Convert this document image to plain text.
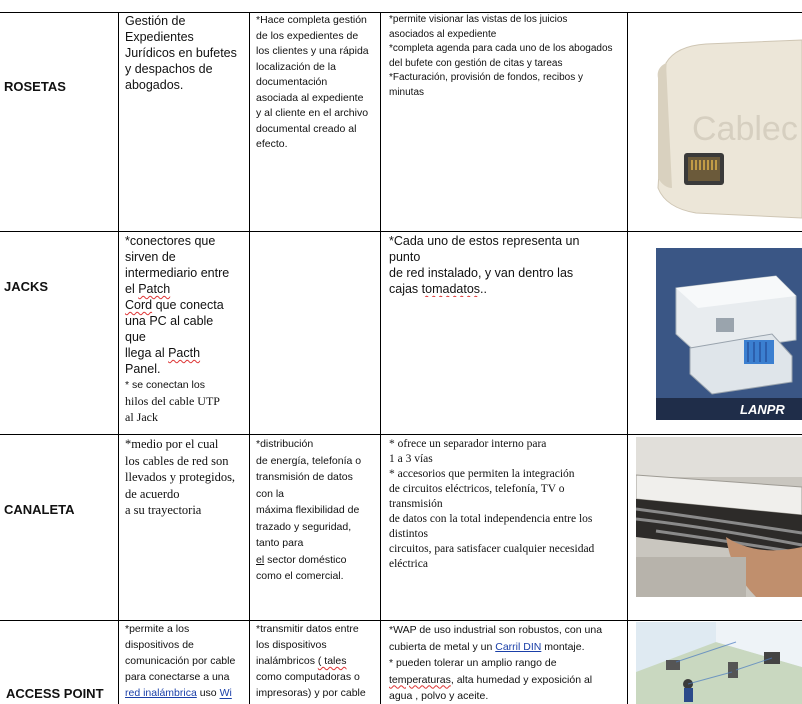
ROSETAS

Gestión de

Expedientes

Jurídicos en bufetes

y despachos de

abogados.

*Hace completa gestión

de los expedientes de

los clientes y una rápida

localización de la

documentación

asociada al expediente

y al cliente en el archivo

documental creado al

efecto.

*permite visionar las vistas de los juicios

asociados al expediente

*completa agenda para cada uno de los abogados

del bufete con gestión de citas y tareas

*Facturación, provisión de fondos, recibos y

minutas

Cablec
JACKS

*conectores que

sirven de

intermediario entre

el Patch

Cord que conecta

una PC al cable

que

llega al Pacth

Panel.

* se conectan los

hilos del cable UTP

al Jack

*Cada uno de estos representa un

punto

de red instalado, y van dentro las

cajas tomadatos..

LANPR
CANALETA

*medio por el cual

los cables de red son

llevados y protegidos,

de acuerdo

a su trayectoria

*distribución

de energía, telefonía o

transmisión de datos

con la

máxima flexibilidad de

trazado y seguridad,

tanto para

el sector doméstico

como el comercial.

* ofrece un separador interno para

1 a 3 vías

* accesorios que permiten la integración

de circuitos eléctricos, telefonía, TV o

transmisión

de datos con la total independencia entre los

distintos

circuitos, para satisfacer cualquier necesidad

eléctrica

ACCESS POINT

*permite a los

dispositivos de

comunicación por cable

para conectarse a una

red inalámbrica uso Wi

*transmitir datos entre

los dispositivos

inalámbricos ( tales

como computadoras o

impresoras) y por cable

*WAP de uso industrial son robustos, con una

cubierta de metal y un Carril DIN montaje.

* pueden tolerar un amplio rango de

temperaturas, alta humedad y exposición al

agua , polvo y aceite.
